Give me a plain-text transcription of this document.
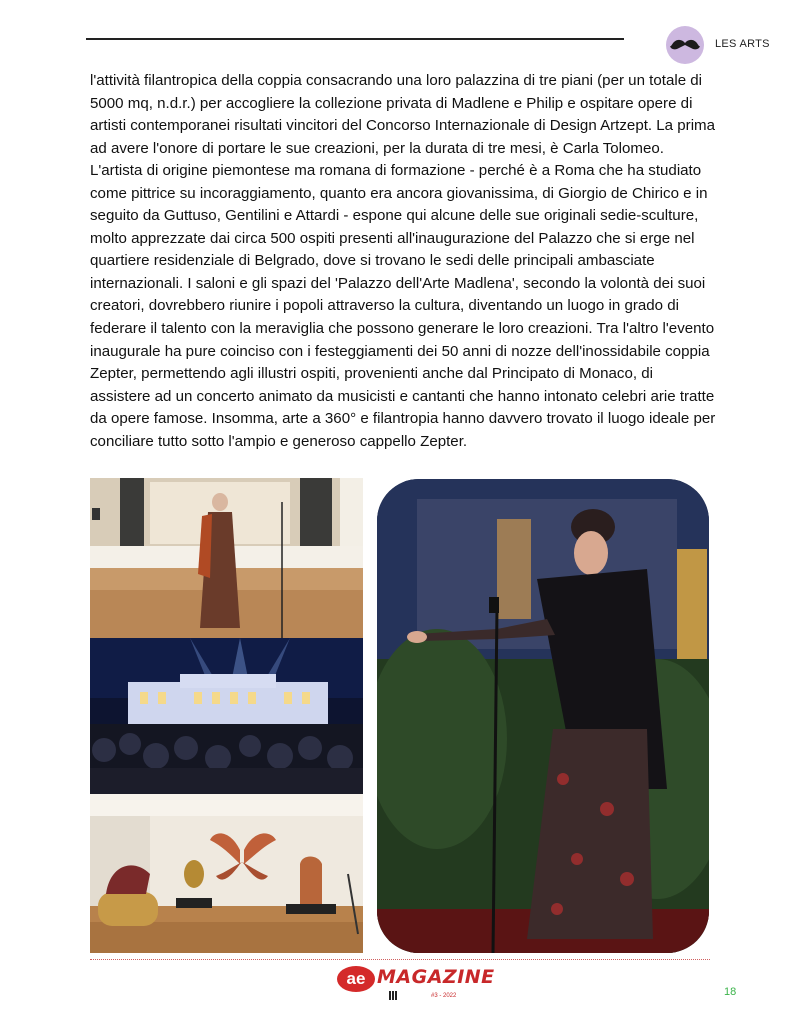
LES ARTS

l'attività filantropica della coppia consacrando una loro palazzina di tre piani (per un totale di 5000 mq, n.d.r.) per accogliere la collezione privata di Madlene e Philip e ospitare opere di artisti contemporanei risultati vincitori del Concorso Internazionale di Design Artzept. La prima ad avere l'onore di portare le sue creazioni, per la durata di tre mesi, è Carla Tolomeo. L'artista di origine piemontese ma romana di formazione - perché è a Roma che ha studiato come pittrice su incoraggiamento, quanto era ancora giovanissima, di Giorgio de Chirico e in seguito da Guttuso, Gentilini e Attardi - espone qui alcune delle sue originali sedie-sculture, molto apprezzate dai circa 500 ospiti presenti all'inaugurazione del Palazzo che si erge nel quartiere residenziale di Belgrado, dove si trovano le sedi delle principali ambasciate internazionali. I saloni e gli spazi del 'Palazzo dell'Arte Madlena', secondo la volontà dei suoi creatori, dovrebbero riunire i popoli attraverso la cultura, diventando un luogo in grado di federare il talento con la meraviglia che possono generare le loro creazioni. Tra l'altro l'evento inaugurale ha pure coinciso con i festeggiamenti dei 50 anni di nozze dell'inossidabile coppia Zepter, permettendo agli illustri ospiti, provenienti anche dal Principato di Monaco, di assistere ad un concerto animato da musicisti e cantanti che hanno intonato celebri arie tratte da opere famose. Insomma, arte a 360° e filantropia hanno davvero trovato il luogo ideale per conciliare tutto sotto l'ampio e generoso cappello Zepter.

ae MAGAZINE
#3 - 2022	18
